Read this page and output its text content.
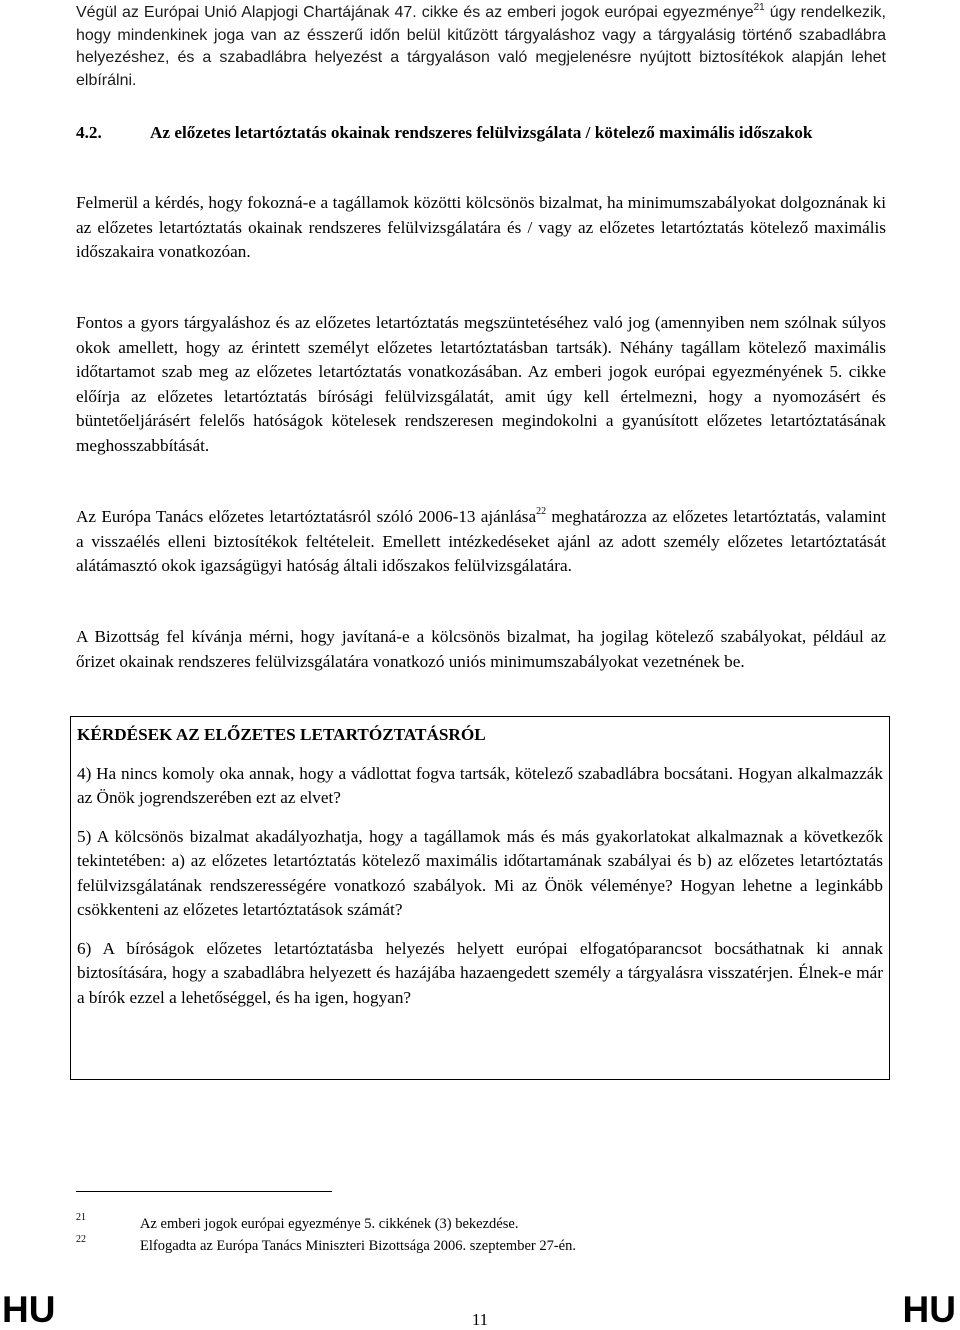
Végül az Európai Unió Alapjogi Chartájának 47. cikke és az emberi jogok európai egyezménye$^{21}$ úgy rendelkezik, hogy mindenkinek joga van az ésszerű időn belül kitűzött tárgyaláshoz vagy a tárgyalásig történő szabadlábra helyezéshez, és a szabadlábra helyezést a tárgyaláson való megjelenésre nyújtott biztosítékok alapján lehet elbírálni.

4.2.	Az előzetes letartóztatás okainak rendszeres felülvizsgálata / kötelező maximális időszakok

Felmerül a kérdés, hogy fokozná-e a tagállamok közötti kölcsönös bizalmat, ha minimumszabályokat dolgoznának ki az előzetes letartóztatás okainak rendszeres felülvizsgálatára és / vagy az előzetes letartóztatás kötelező maximális időszakaira vonatkozóan.

Fontos a gyors tárgyaláshoz és az előzetes letartóztatás megszüntetéséhez való jog (amennyiben nem szólnak súlyos okok amellett, hogy az érintett személyt előzetes letartóztatásban tartsák). Néhány tagállam kötelező maximális időtartamot szab meg az előzetes letartóztatás vonatkozásában. Az emberi jogok európai egyezményének 5. cikke előírja az előzetes letartóztatás bírósági felülvizsgálatát, amit úgy kell értelmezni, hogy a nyomozásért és büntetőeljárásért felelős hatóságok kötelesek rendszeresen megindokolni a gyanúsított előzetes letartóztatásának meghosszabbítását.

Az Európa Tanács előzetes letartóztatásról szóló 2006-13 ajánlása$^{22}$ meghatározza az előzetes letartóztatás, valamint a visszaélés elleni biztosítékok feltételeit. Emellett intézkedéseket ajánl az adott személy előzetes letartóztatását alátámasztó okok igazságügyi hatóság általi időszakos felülvizsgálatára.

A Bizottság fel kívánja mérni, hogy javítaná-e a kölcsönös bizalmat, ha jogilag kötelező szabályokat, például az őrizet okainak rendszeres felülvizsgálatára vonatkozó uniós minimumszabályokat vezetnének be.

KÉRDÉSEK AZ ELŐZETES LETARTÓZTATÁSRÓL

4) Ha nincs komoly oka annak, hogy a vádlottat fogva tartsák, kötelező szabadlábra bocsátani. Hogyan alkalmazzák az Önök jogrendszerében ezt az elvet?

5) A kölcsönös bizalmat akadályozhatja, hogy a tagállamok más és más gyakorlatokat alkalmaznak a következők tekintetében: a) az előzetes letartóztatás kötelező maximális időtartamának szabályai és b) az előzetes letartóztatás felülvizsgálatának rendszerességére vonatkozó szabályok. Mi az Önök véleménye? Hogyan lehetne a leginkább csökkenteni az előzetes letartóztatások számát?

6) A bíróságok előzetes letartóztatásba helyezés helyett európai elfogatóparancsot bocsáthatnak ki annak biztosítására, hogy a szabadlábra helyezett és hazájába hazaengedett személy a tárgyalásra visszatérjen. Élnek-e már a bírók ezzel a lehetőséggel, és ha igen, hogyan?

21	Az emberi jogok európai egyezménye 5. cikkének (3) bekezdése.
22	Elfogadta az Európa Tanács Miniszteri Bizottsága 2006. szeptember 27-én.
HU	11	HU
